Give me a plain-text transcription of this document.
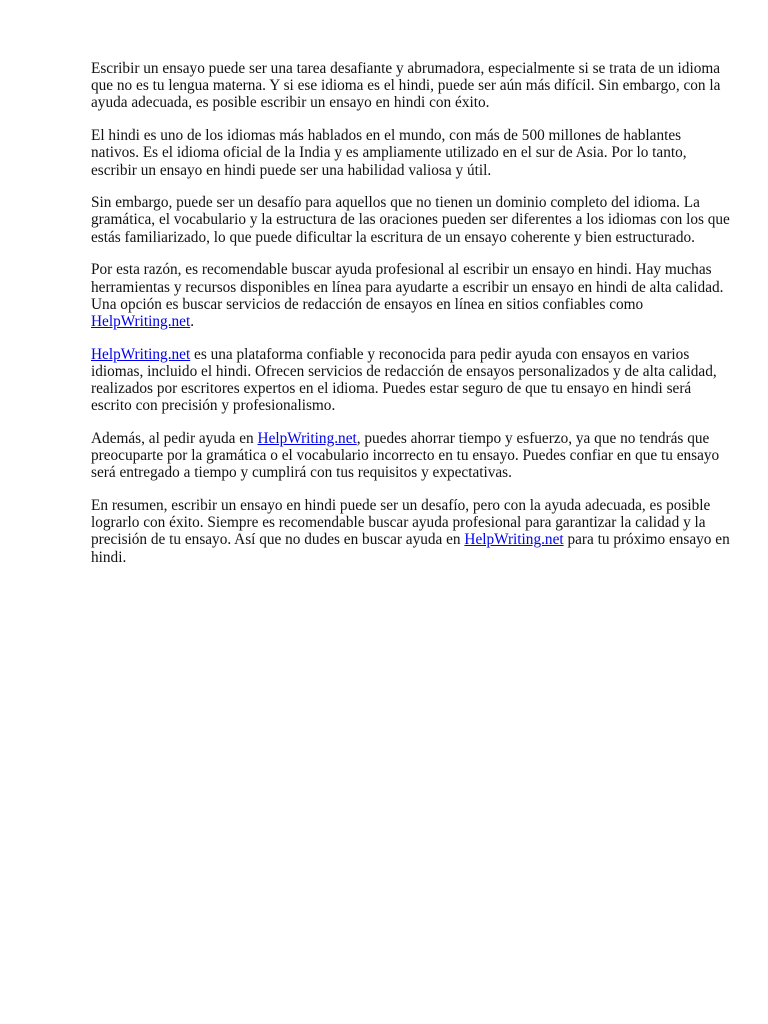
Escribir un ensayo puede ser una tarea desafiante y abrumadora, especialmente si se trata de un idioma que no es tu lengua materna. Y si ese idioma es el hindi, puede ser aún más difícil. Sin embargo, con la ayuda adecuada, es posible escribir un ensayo en hindi con éxito.

El hindi es uno de los idiomas más hablados en el mundo, con más de 500 millones de hablantes nativos. Es el idioma oficial de la India y es ampliamente utilizado en el sur de Asia. Por lo tanto, escribir un ensayo en hindi puede ser una habilidad valiosa y útil.

Sin embargo, puede ser un desafío para aquellos que no tienen un dominio completo del idioma. La gramática, el vocabulario y la estructura de las oraciones pueden ser diferentes a los idiomas con los que estás familiarizado, lo que puede dificultar la escritura de un ensayo coherente y bien estructurado.

Por esta razón, es recomendable buscar ayuda profesional al escribir un ensayo en hindi. Hay muchas herramientas y recursos disponibles en línea para ayudarte a escribir un ensayo en hindi de alta calidad. Una opción es buscar servicios de redacción de ensayos en línea en sitios confiables como HelpWriting.net.

HelpWriting.net es una plataforma confiable y reconocida para pedir ayuda con ensayos en varios idiomas, incluido el hindi. Ofrecen servicios de redacción de ensayos personalizados y de alta calidad, realizados por escritores expertos en el idioma. Puedes estar seguro de que tu ensayo en hindi será escrito con precisión y profesionalismo.

Además, al pedir ayuda en HelpWriting.net, puedes ahorrar tiempo y esfuerzo, ya que no tendrás que preocuparte por la gramática o el vocabulario incorrecto en tu ensayo. Puedes confiar en que tu ensayo será entregado a tiempo y cumplirá con tus requisitos y expectativas.

En resumen, escribir un ensayo en hindi puede ser un desafío, pero con la ayuda adecuada, es posible lograrlo con éxito. Siempre es recomendable buscar ayuda profesional para garantizar la calidad y la precisión de tu ensayo. Así que no dudes en buscar ayuda en HelpWriting.net para tu próximo ensayo en hindi.
